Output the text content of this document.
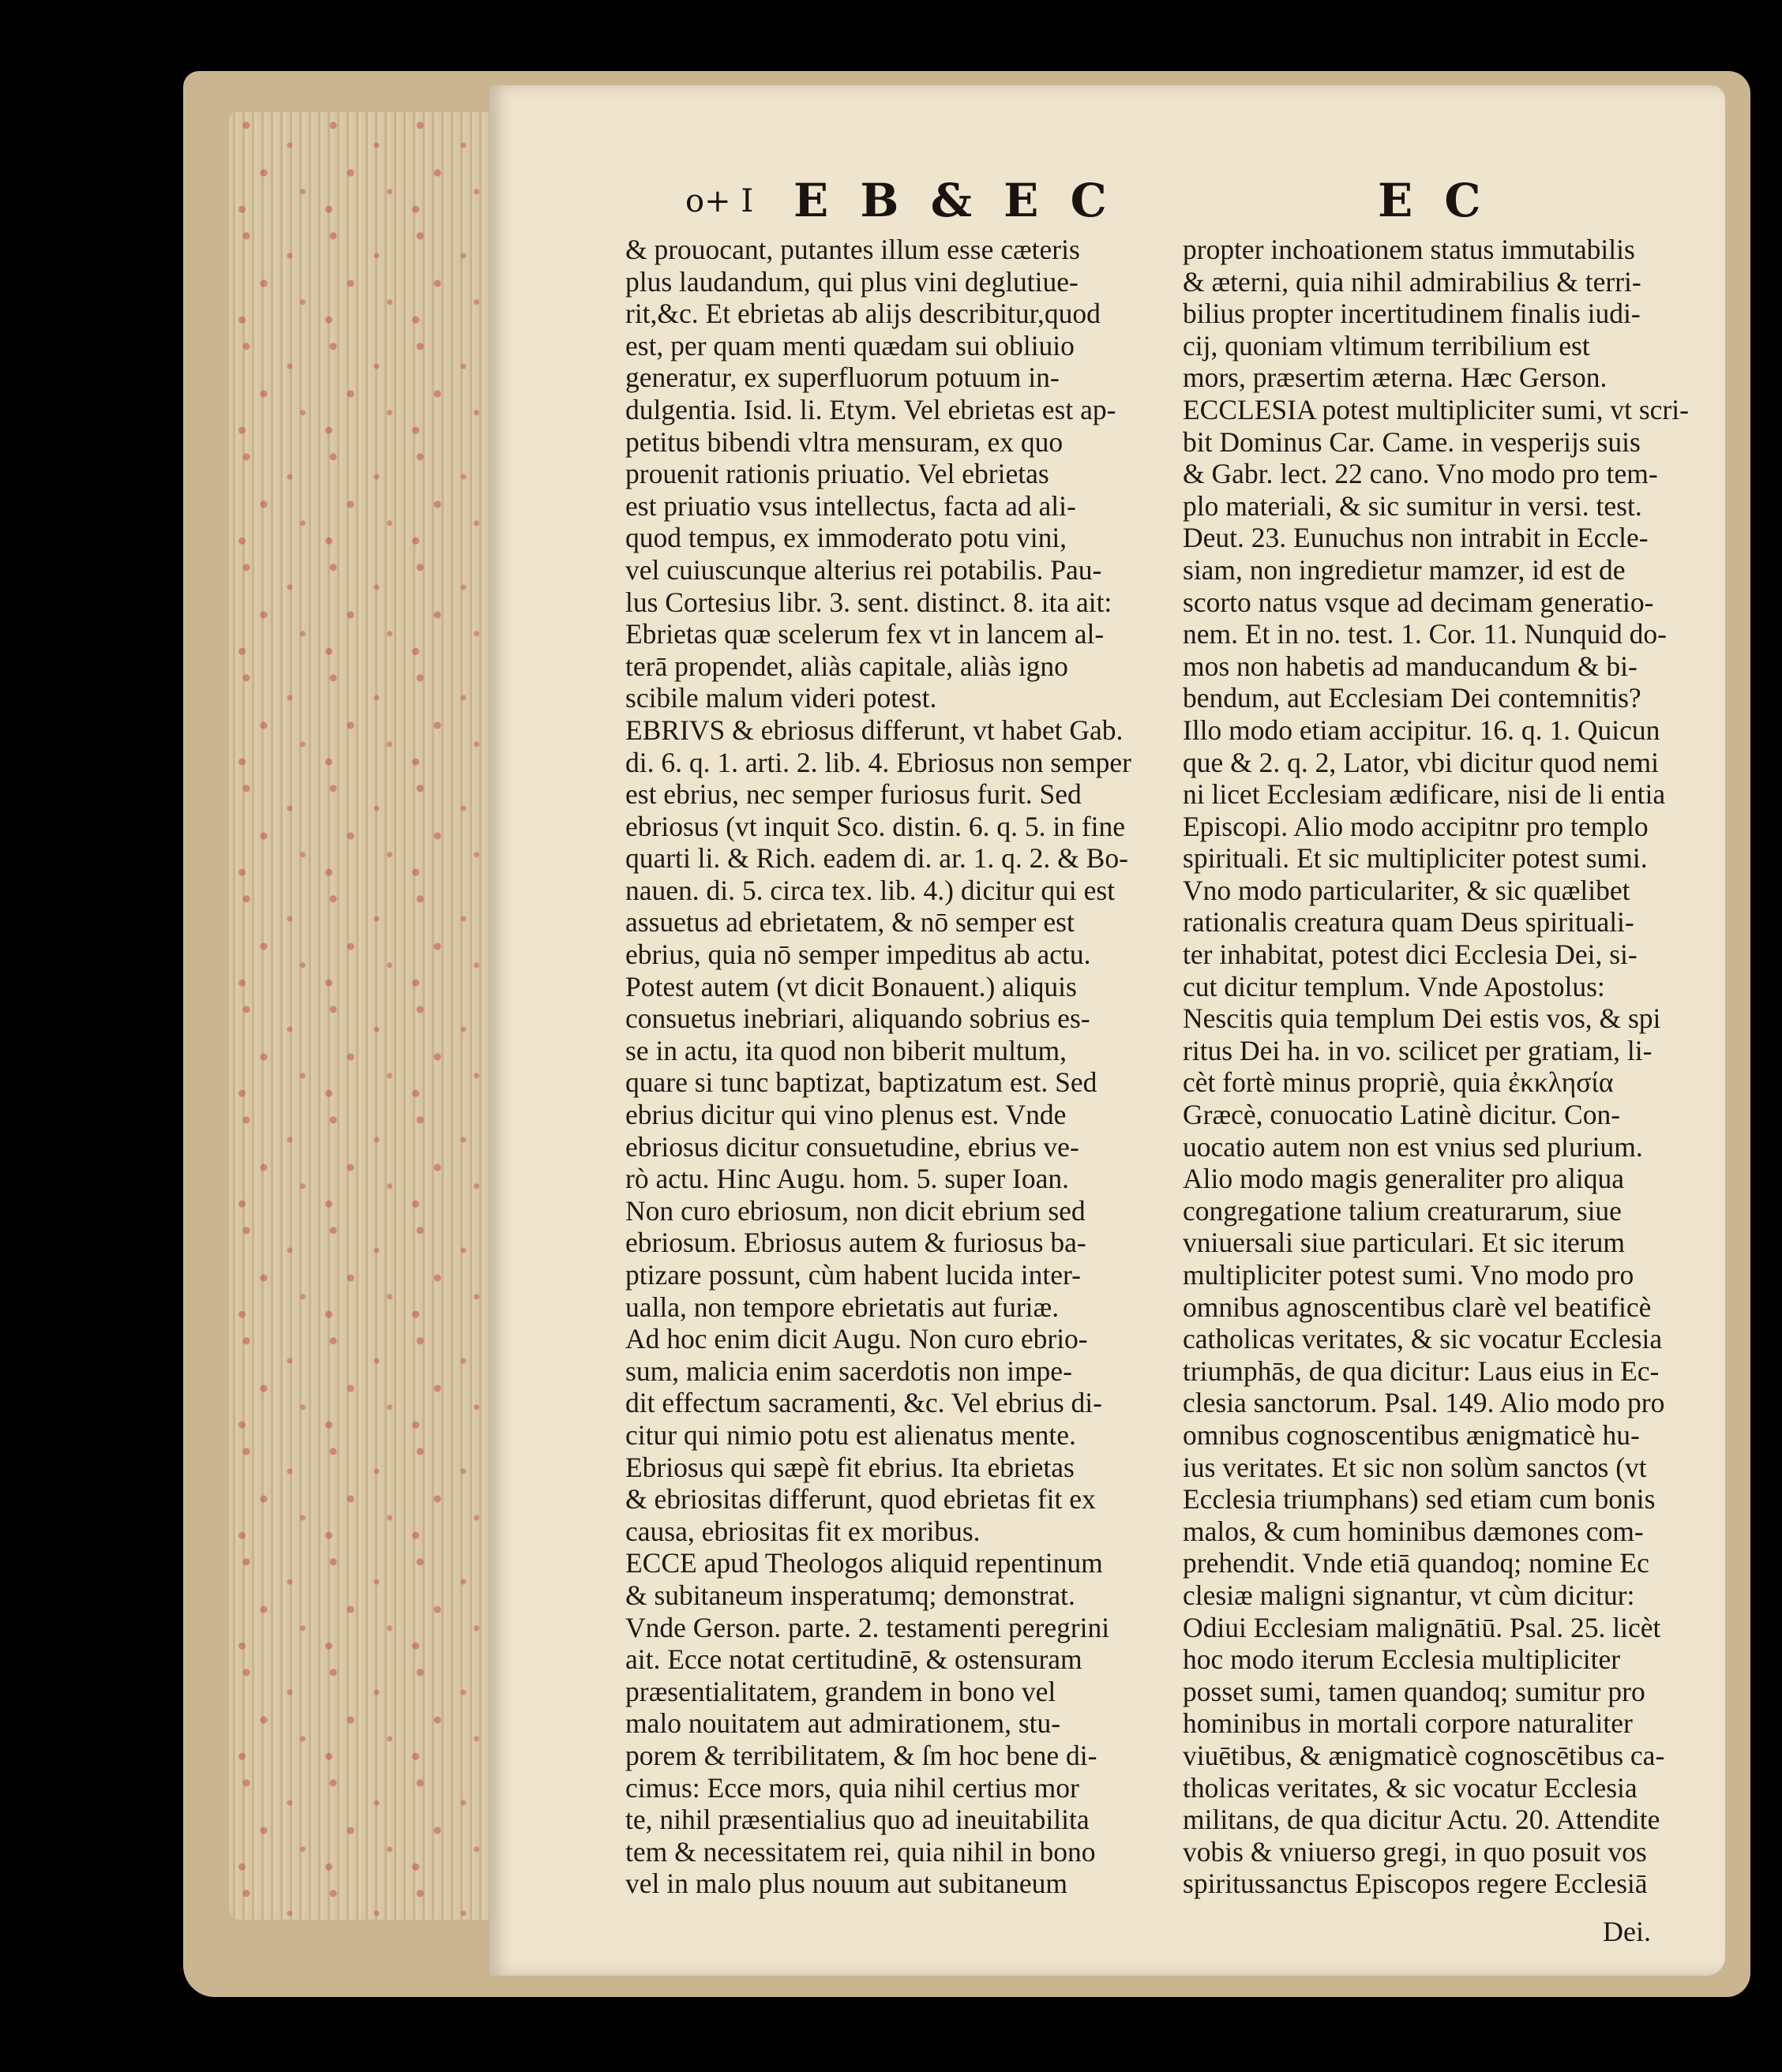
o+ I E B & E C	E C
& prouocant, putantes illum esse cæteris
plus laudandum, qui plus vini deglutiue-
rit,&c. Et ebrietas ab alijs describitur,quod
est, per quam menti quædam sui obliuio
generatur, ex superfluorum potuum in-
dulgentia. Isid. li. Etym. Vel ebrietas est ap-
petitus bibendi vltra mensuram, ex quo
prouenit rationis priuatio. Vel ebrietas
est priuatio vsus intellectus, facta ad ali-
quod tempus, ex immoderato potu vini,
vel cuiuscunque alterius rei potabilis. Pau-
lus Cortesius libr. 3. sent. distinct. 8. ita ait:
Ebrietas quæ scelerum fex vt in lancem al-
terā propendet, aliàs capitale, aliàs igno
scibile malum videri potest.
EBRIVS & ebriosus differunt, vt habet Gab.
di. 6. q. 1. arti. 2. lib. 4. Ebriosus non semper
est ebrius, nec semper furiosus furit. Sed
ebriosus (vt inquit Sco. distin. 6. q. 5. in fine
quarti li. & Rich. eadem di. ar. 1. q. 2. & Bo-
nauen. di. 5. circa tex. lib. 4.) dicitur qui est
assuetus ad ebrietatem, & nō semper est
ebrius, quia nō semper impeditus ab actu.
Potest autem (vt dicit Bonauent.) aliquis
consuetus inebriari, aliquando sobrius es-
se in actu, ita quod non biberit multum,
quare si tunc baptizat, baptizatum est. Sed
ebrius dicitur qui vino plenus est. Vnde
ebriosus dicitur consuetudine, ebrius ve-
rò actu. Hinc Augu. hom. 5. super Ioan.
Non curo ebriosum, non dicit ebrium sed
ebriosum. Ebriosus autem & furiosus ba-
ptizare possunt, cùm habent lucida inter-
ualla, non tempore ebrietatis aut furiæ.
Ad hoc enim dicit Augu. Non curo ebrio-
sum, malicia enim sacerdotis non impe-
dit effectum sacramenti, &c. Vel ebrius di-
citur qui nimio potu est alienatus mente.
Ebriosus qui sæpè fit ebrius. Ita ebrietas
& ebriositas differunt, quod ebrietas fit ex
causa, ebriositas fit ex moribus.
ECCE apud Theologos aliquid repentinum
& subitaneum insperatumq; demonstrat.
Vnde Gerson. parte. 2. testamenti peregrini
ait. Ecce notat certitudinē, & ostensuram
præsentialitatem, grandem in bono vel
malo nouitatem aut admirationem, stu-
porem & terribilitatem, & ſm hoc bene di-
cimus: Ecce mors, quia nihil certius mor
te, nihil præsentialius quo ad ineuitabilita
tem & necessitatem rei, quia nihil in bono
vel in malo plus nouum aut subitaneum
propter inchoationem status immutabilis
& æterni, quia nihil admirabilius & terri-
bilius propter incertitudinem finalis iudi-
cij, quoniam vltimum terribilium est
mors, præsertim æterna. Hæc Gerson.
ECCLESIA potest multipliciter sumi, vt scri-
bit Dominus Car. Came. in vesperijs suis
& Gabr. lect. 22 cano. Vno modo pro tem-
plo materiali, & sic sumitur in versi. test.
Deut. 23. Eunuchus non intrabit in Eccle-
siam, non ingredietur mamzer, id est de
scorto natus vsque ad decimam generatio-
nem. Et in no. test. 1. Cor. 11. Nunquid do-
mos non habetis ad manducandum & bi-
bendum, aut Ecclesiam Dei contemnitis?
Illo modo etiam accipitur. 16. q. 1. Quicun
que & 2. q. 2, Lator, vbi dicitur quod nemi
ni licet Ecclesiam ædificare, nisi de li entia
Episcopi. Alio modo accipitnr pro templo
spirituali. Et sic multipliciter potest sumi.
Vno modo particulariter, & sic quælibet
rationalis creatura quam Deus spirituali-
ter inhabitat, potest dici Ecclesia Dei, si-
cut dicitur templum. Vnde Apostolus:
Nescitis quia templum Dei estis vos, & spi
ritus Dei ha. in vo. scilicet per gratiam, li-
cèt fortè minus propriè, quia ἐκκλησία
Græcè, conuocatio Latinè dicitur. Con-
uocatio autem non est vnius sed plurium.
Alio modo magis generaliter pro aliqua
congregatione talium creaturarum, siue
vniuersali siue particulari. Et sic iterum
multipliciter potest sumi. Vno modo pro
omnibus agnoscentibus clarè vel beatificè
catholicas veritates, & sic vocatur Ecclesia
triumphās, de qua dicitur: Laus eius in Ec-
clesia sanctorum. Psal. 149. Alio modo pro
omnibus cognoscentibus ænigmaticè hu-
ius veritates. Et sic non solùm sanctos (vt
Ecclesia triumphans) sed etiam cum bonis
malos, & cum hominibus dæmones com-
prehendit. Vnde etiā quandoq; nomine Ec
clesiæ maligni signantur, vt cùm dicitur:
Odiui Ecclesiam malignātiū. Psal. 25. licèt
hoc modo iterum Ecclesia multipliciter
posset sumi, tamen quandoq; sumitur pro
hominibus in mortali corpore naturaliter
viuētibus, & ænigmaticè cognoscētibus ca-
tholicas veritates, & sic vocatur Ecclesia
militans, de qua dicitur Actu. 20. Attendite
vobis & vniuerso gregi, in quo posuit vos
spiritussanctus Episcopos regere Ecclesiā
Dei.
